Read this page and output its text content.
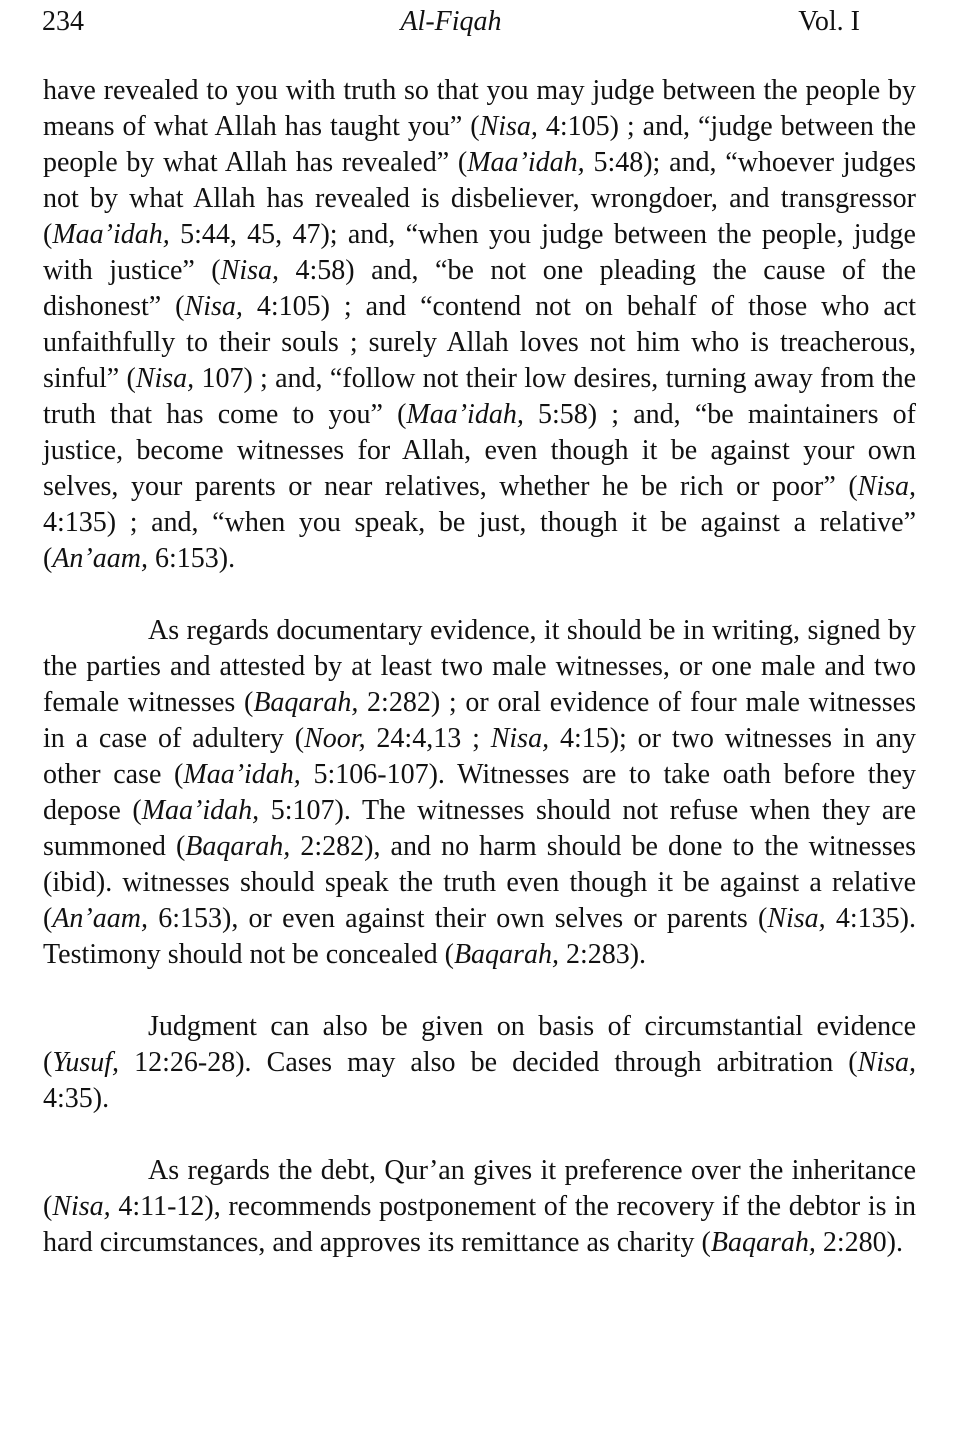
234	Al-Fiqah	Vol. I

have revealed to you with truth so that you may judge between the people by means of what Allah has taught you” (Nisa, 4:105) ; and, “judge between the people by what Allah has revealed” (Maa’idah, 5:48); and, “whoever judges not by what Allah has revealed is disbeliever, wrongdoer, and transgressor (Maa’idah, 5:44, 45, 47); and, “when you judge between the people, judge with justice” (Nisa, 4:58) and, “be not one pleading the cause of the dishonest” (Nisa, 4:105) ; and “contend not on behalf of those who act unfaithfully to their souls ; surely Allah loves not him who is treacherous, sinful” (Nisa, 107) ; and, “follow not their low desires, turning away from the truth that has come to you” (Maa’idah, 5:58) ; and, “be maintainers of justice, become witnesses for Allah, even though it be against your own selves, your parents or near relatives, whether he be rich or poor” (Nisa, 4:135) ; and, “when you speak, be just, though it be against a relative” (An’aam, 6:153).

As regards documentary evidence, it should be in writing, signed by the parties and attested by at least two male witnesses, or one male and two female witnesses (Baqarah, 2:282) ; or oral evidence of four male witnesses in a case of adultery (Noor, 24:4,13 ; Nisa, 4:15); or two witnesses in any other case (Maa’idah, 5:106-107). Witnesses are to take oath before they depose (Maa’idah, 5:107). The witnesses should not refuse when they are summoned (Baqarah, 2:282), and no harm should be done to the witnesses (ibid). witnesses should speak the truth even though it be against a relative (An’aam, 6:153), or even against their own selves or parents (Nisa, 4:135). Testimony should not be concealed (Baqarah, 2:283).

Judgment can also be given on basis of circumstantial evidence (Yusuf, 12:26-28). Cases may also be decided through arbitration (Nisa, 4:35).

As regards the debt, Qur’an gives it preference over the inheritance (Nisa, 4:11-12), recommends postponement of the recovery if the debtor is in hard circumstances, and approves its remittance as charity (Baqarah, 2:280).
